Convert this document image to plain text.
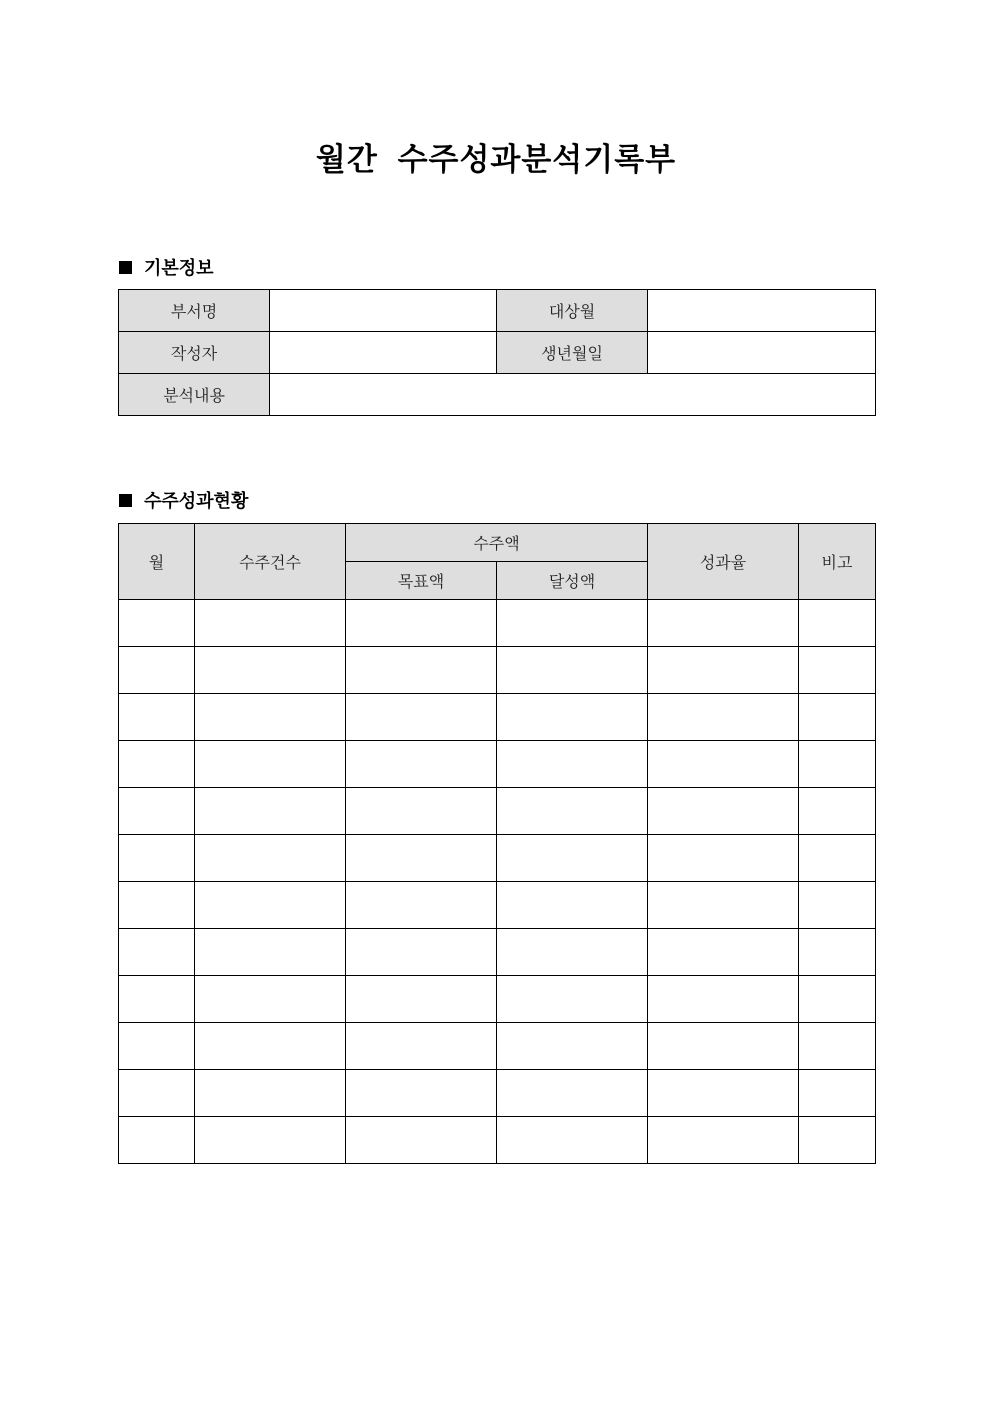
월간 수주성과분석기록부
기본정보
부서명		대상월	
작성자		생년월일	
분석내용			
수주성과현황
월	수주건수	수주액		성과율	비고
		목표액	달성액		
